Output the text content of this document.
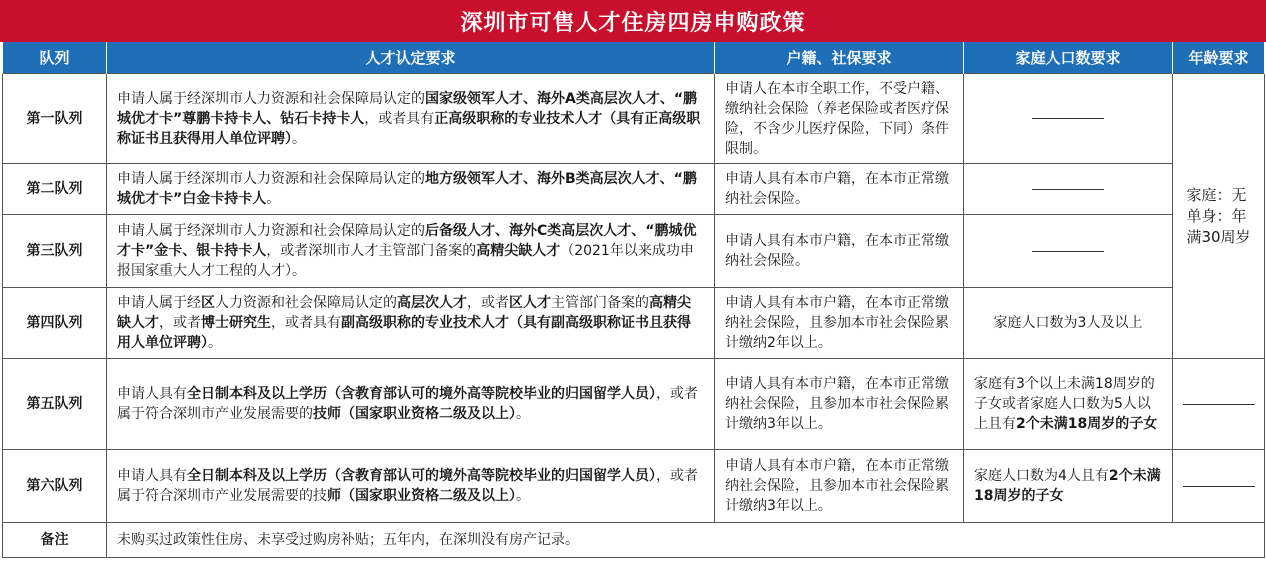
深圳市可售人才住房四房申购政策
队列	人才认定要求	户籍、社保要求	家庭人口数要求	年龄要求
第一队列	申请人属于经深圳市人力资源和社会保障局认定的国家级领军人才、海外A类高层次人才、“鹏城优才卡”尊鹏卡持卡人、钻石卡持卡人，或者具有正高级职称的专业技术人才（具有正高级职称证书且获得用人单位评聘）。	申请人在本市全职工作，不受户籍、缴纳社会保险（养老保险或者医疗保险，不含少儿医疗保险，下同）条件限制。		家庭：无
单身：年
满30周岁
第二队列	申请人属于经深圳市人力资源和社会保障局认定的地方级领军人才、海外B类高层次人才、“鹏城优才卡”白金卡持卡人。	申请人具有本市户籍，在本市正常缴纳社会保险。		
第三队列	申请人属于经深圳市人力资源和社会保障局认定的后备级人才、海外C类高层次人才、“鹏城优才卡”金卡、银卡持卡人，或者深圳市人才主管部门备案的高精尖缺人才（2021年以来成功申报国家重大人才工程的人才）。	申请人具有本市户籍，在本市正常缴纳社会保险。		
第四队列	申请人属于经区人力资源和社会保障局认定的高层次人才，或者区人才主管部门备案的高精尖缺人才，或者博士研究生，或者具有副高级职称的专业技术人才（具有副高级职称证书且获得用人单位评聘）。	申请人具有本市户籍，在本市正常缴纳社会保险，且参加本市社会保险累计缴纳2年以上。	家庭人口数为3人及以上	
第五队列	申请人具有全日制本科及以上学历（含教育部认可的境外高等院校毕业的归国留学人员），或者属于符合深圳市产业发展需要的技师（国家职业资格二级及以上）。	申请人具有本市户籍，在本市正常缴纳社会保险，且参加本市社会保险累计缴纳3年以上。	家庭有3个以上未满18周岁的子女或者家庭人口数为5人以上且有2个未满18周岁的子女	
第六队列	申请人具有全日制本科及以上学历（含教育部认可的境外高等院校毕业的归国留学人员），或者属于符合深圳市产业发展需要的技师（国家职业资格二级及以上）。	申请人具有本市户籍，在本市正常缴纳社会保险，且参加本市社会保险累计缴纳3年以上。	家庭人口数为4人且有2个未满18周岁的子女	
备注	未购买过政策性住房、未享受过购房补贴；五年内，在深圳没有房产记录。			
